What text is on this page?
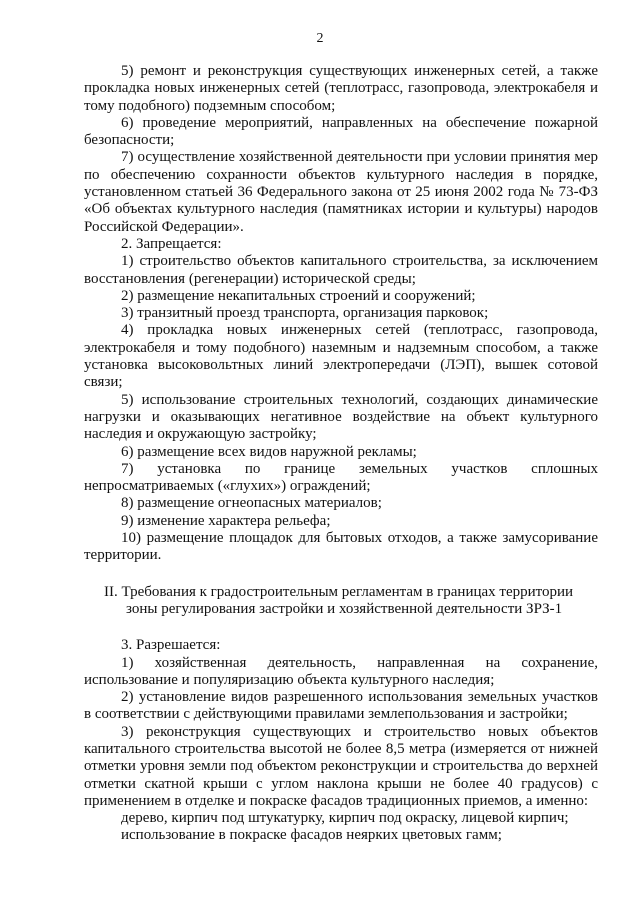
2

5) ремонт и реконструкция существующих инженерных сетей, а также прокладка новых инженерных сетей (теплотрасс, газопровода, электрокабеля и тому подобного) подземным способом;

6) проведение мероприятий, направленных на обеспечение пожарной безопасности;

7) осуществление хозяйственной деятельности при условии принятия мер по обеспечению сохранности объектов культурного наследия в порядке, установленном статьей 36 Федерального закона от 25 июня 2002 года № 73-ФЗ «Об объектах культурного наследия (памятниках истории и культуры) народов Российской Федерации».

2. Запрещается:

1) строительство объектов капитального строительства, за исключением восстановления (регенерации) исторической среды;

2) размещение некапитальных строений и сооружений;

3) транзитный проезд транспорта, организация парковок;

4) прокладка новых инженерных сетей (теплотрасс, газопровода, электрокабеля и тому подобного) наземным и надземным способом, а также установка высоковольтных линий электропередачи (ЛЭП), вышек сотовой связи;

5) использование строительных технологий, создающих динамические нагрузки и оказывающих негативное воздействие на объект культурного наследия и окружающую застройку;

6) размещение всех видов наружной рекламы;

7) установка по границе земельных участков сплошных непросматриваемых («глухих») ограждений;

8) размещение огнеопасных материалов;

9) изменение характера рельефа;

10) размещение площадок для бытовых отходов, а также замусоривание территории.

II. Требования к градостроительным регламентам в границах территории
зоны регулирования застройки и хозяйственной деятельности ЗРЗ-1

3. Разрешается:

1) хозяйственная деятельность, направленная на сохранение, использование и популяризацию объекта культурного наследия;

2) установление видов разрешенного использования земельных участков в соответствии с действующими правилами землепользования и застройки;

3) реконструкция существующих и строительство новых объектов капитального строительства высотой не более 8,5 метра (измеряется от нижней отметки уровня земли под объектом реконструкции и строительства до верхней отметки скатной крыши с углом наклона крыши не более 40 градусов) с применением в отделке и покраске фасадов традиционных приемов, а именно:

дерево, кирпич под штукатурку, кирпич под окраску, лицевой кирпич;

использование в покраске фасадов неярких цветовых гамм;
